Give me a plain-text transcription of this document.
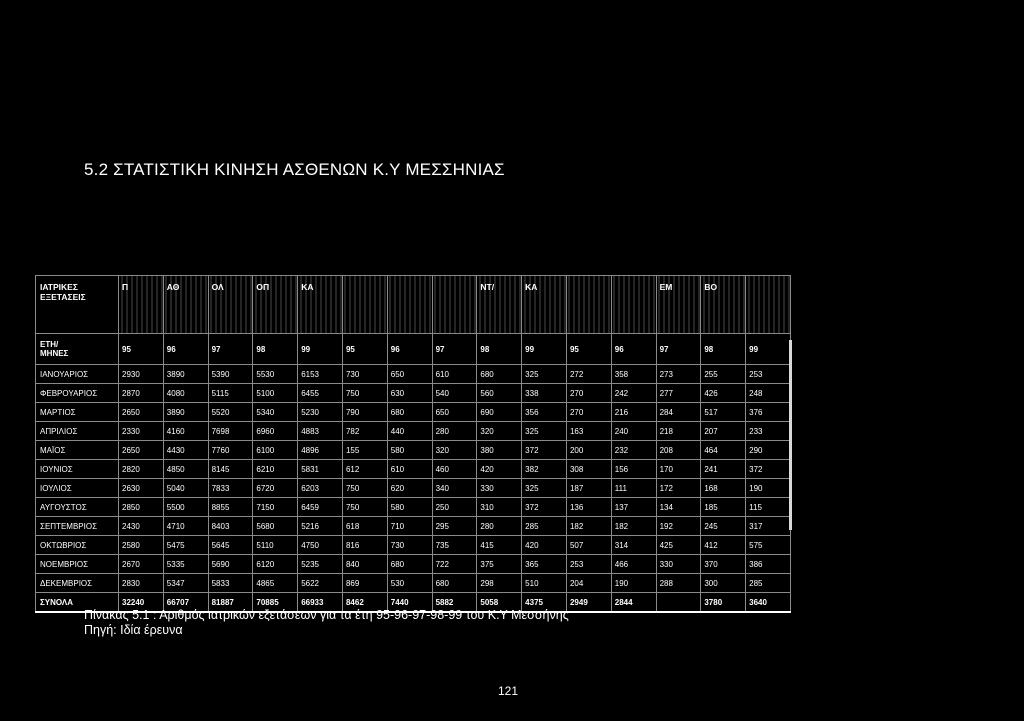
5.2 ΣΤΑΤΙΣΤΙΚΗ ΚΙΝΗΣΗ ΑΣΘΕΝΩΝ Κ.Υ ΜΕΣΣΗΝΙΑΣ
ΙΑΤΡΙΚΕΣ
ΕΞΕΤΑΣΕΙΣ	Π	ΑΘ	ΟΛ	ΟΠ	ΚΑ				ΝΤ/	ΚΑ			ΕΜ	ΒΟ	
ΕΤΗ/
ΜΗΝΕΣ	95	96	97	98	99	95	96	97	98	99	95	96	97	98	99
ΙΑΝΟΥΑΡΙΟΣ	2930	3890	5390	5530	6153	730	650	610	680	325	272	358	273	255	253
ΦΕΒΡΟΥΑΡΙΟΣ	2870	4080	5115	5100	6455	750	630	540	560	338	270	242	277	426	248
ΜΑΡΤΙΟΣ	2650	3890	5520	5340	5230	790	680	650	690	356	270	216	284	517	376
ΑΠΡΙΛΙΟΣ	2330	4160	7698	6960	4883	782	440	280	320	325	163	240	218	207	233
ΜΑΪΟΣ	2650	4430	7760	6100	4896	155	580	320	380	372	200	232	208	464	290
ΙΟΥΝΙΟΣ	2820	4850	8145	6210	5831	612	610	460	420	382	308	156	170	241	372
ΙΟΥΛΙΟΣ	2630	5040	7833	6720	6203	750	620	340	330	325	187	111	172	168	190
ΑΥΓΟΥΣΤΟΣ	2850	5500	8855	7150	6459	750	580	250	310	372	136	137	134	185	115
ΣΕΠΤΕΜΒΡΙΟΣ	2430	4710	8403	5680	5216	618	710	295	280	285	182	182	192	245	317
ΟΚΤΩΒΡΙΟΣ	2580	5475	5645	5110	4750	816	730	735	415	420	507	314	425	412	575
ΝΟΕΜΒΡΙΟΣ	2670	5335	5690	6120	5235	840	680	722	375	365	253	466	330	370	386
ΔΕΚΕΜΒΡΙΟΣ	2830	5347	5833	4865	5622	869	530	680	298	510	204	190	288	300	285
ΣΥΝΟΛΑ	32240	66707	81887	70885	66933	8462	7440	5882	5058	4375	2949	2844		3780	3640
Πίνακας 5.1 : Αριθμός ιατρικών εξετάσεων για τα έτη 95-96-97-98-99 του Κ.Υ Μεσσήνης
Πηγή: Ιδία έρευνα
121
